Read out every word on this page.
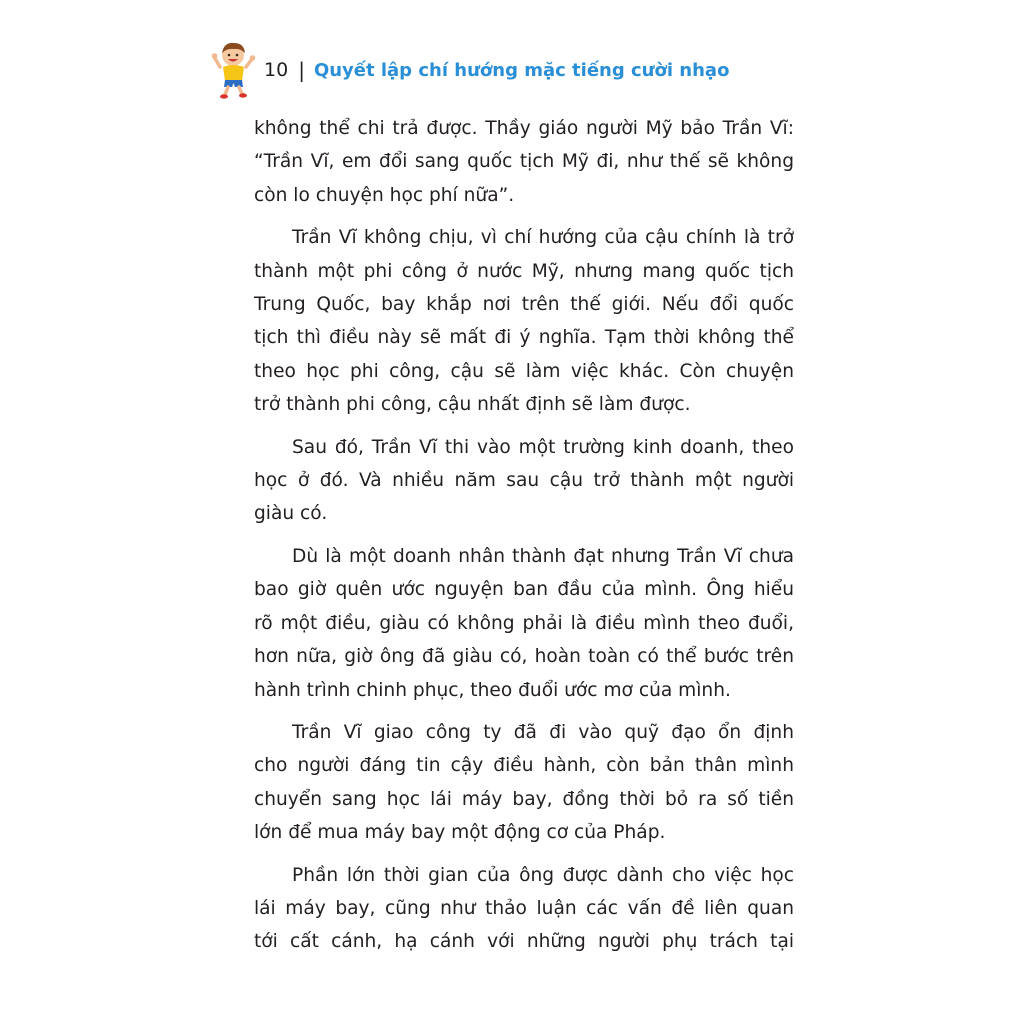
10 | Quyết lập chí hướng mặc tiếng cười nhạo

không thể chi trả được. Thầy giáo người Mỹ bảo Trần Vĩ:
“Trần Vĩ, em đổi sang quốc tịch Mỹ đi, như thế sẽ không
còn lo chuyện học phí nữa”.

Trần Vĩ không chịu, vì chí hướng của cậu chính là trở
thành một phi công ở nước Mỹ, nhưng mang quốc tịch
Trung Quốc, bay khắp nơi trên thế giới. Nếu đổi quốc
tịch thì điều này sẽ mất đi ý nghĩa. Tạm thời không thể
theo học phi công, cậu sẽ làm việc khác. Còn chuyện
trở thành phi công, cậu nhất định sẽ làm được.

Sau đó, Trần Vĩ thi vào một trường kinh doanh, theo
học ở đó. Và nhiều năm sau cậu trở thành một người
giàu có.

Dù là một doanh nhân thành đạt nhưng Trần Vĩ chưa
bao giờ quên ước nguyện ban đầu của mình. Ông hiểu
rõ một điều, giàu có không phải là điều mình theo đuổi,
hơn nữa, giờ ông đã giàu có, hoàn toàn có thể bước trên
hành trình chinh phục, theo đuổi ước mơ của mình.

Trần Vĩ giao công ty đã đi vào quỹ đạo ổn định
cho người đáng tin cậy điều hành, còn bản thân mình
chuyển sang học lái máy bay, đồng thời bỏ ra số tiền
lớn để mua máy bay một động cơ của Pháp.

Phần lớn thời gian của ông được dành cho việc học
lái máy bay, cũng như thảo luận các vấn đề liên quan
tới cất cánh, hạ cánh với những người phụ trách tại
